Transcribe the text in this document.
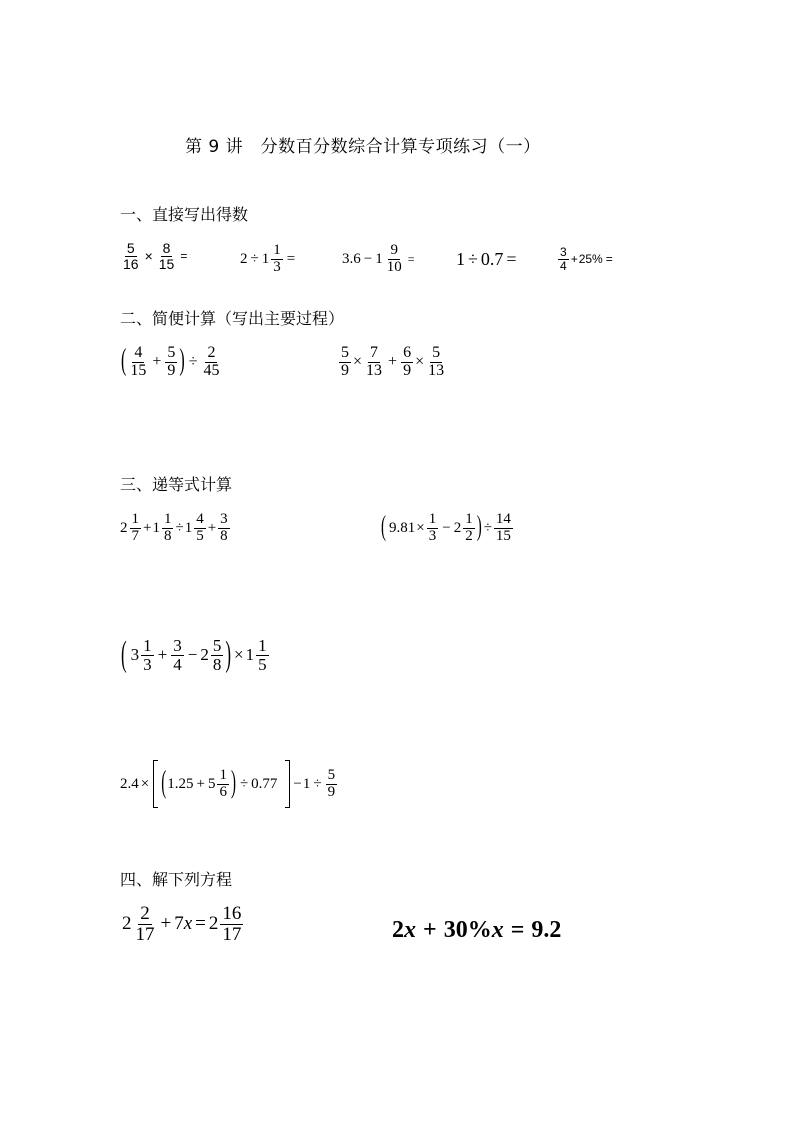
第 9 讲　分数百分数综合计算专项练习（一）
一、直接写出得数
$\frac{5}{16} \times \frac{8}{15}$ =	$2 \div 1 \frac{1}{3}$ =	$3.6 - 1 \frac{9}{10} = 1 \div 0.7$ =	$\frac{3}{4} + 25\%$ =
二、简便计算（写出主要过程）
( $\frac{4}{15} + \frac{5}{9}$ ) ÷ $\frac{2}{45}$	$\frac{5}{9} \times \frac{7}{13} + \frac{6}{9} \times \frac{5}{13}$
三、递等式计算
$2 \frac{1}{7} + 1 \frac{1}{8} \div 1 \frac{4}{5} + \frac{3}{8}$	( $9.81 \times \frac{1}{3} - 2 \frac{1}{2}$ ) ÷ $\frac{14}{15}$
( $3 \frac{1}{3} + \frac{3}{4} - 2 \frac{5}{8}$ ) × $1 \frac{1}{5}$
2.4 × ( $1.25 + 5 \frac{1}{6}$ ) ÷ $0.77 - 1 \div \frac{5}{9}$
四、解下列方程
$2 \frac{2}{17} + 7$ $x = 2 \frac{16}{17}$	2 x + 30% x = 9.2
